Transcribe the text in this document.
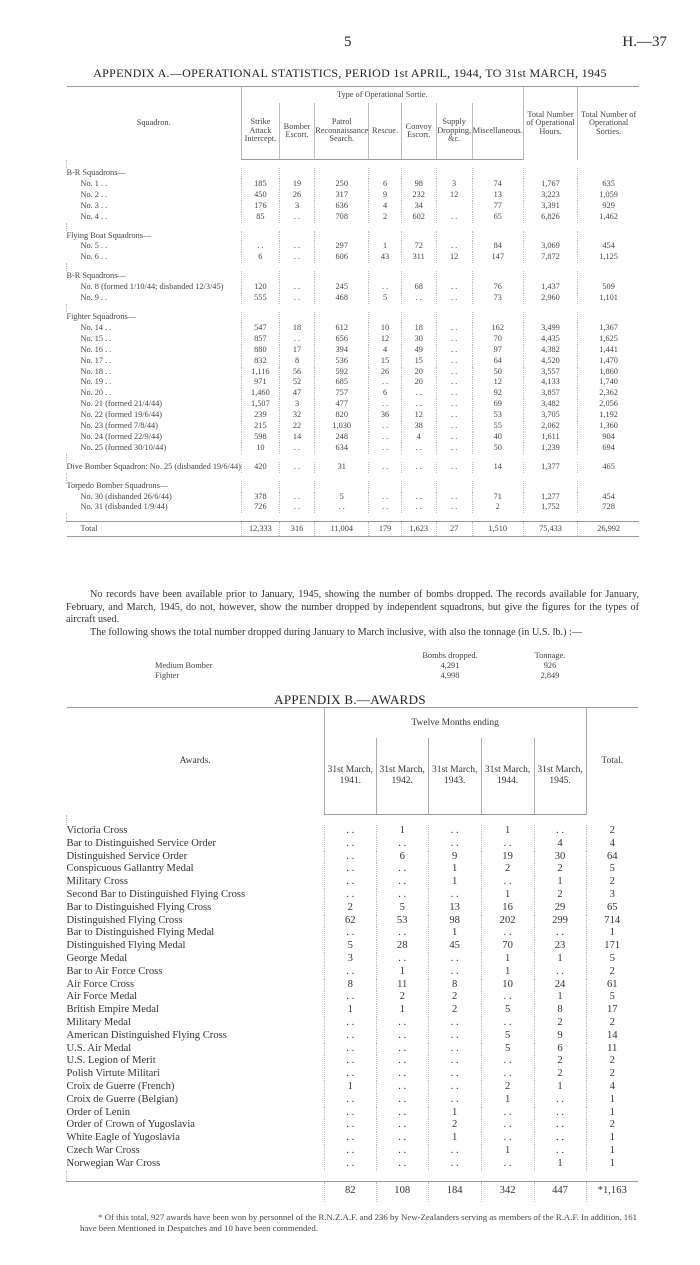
5	H.—37
APPENDIX A.—OPERATIONAL STATISTICS, PERIOD 1st APRIL, 1944, TO 31st MARCH, 1945
Squadron.	Type of Operational Sortie.							Total Number of Operational Hours.	Total Number of Operational Sorties.
	Strike Attack Intercept.	Bomber Escort.	Patrol Reconnaissance Search.	Rescue.	Convoy Escort.	Supply Dropping, &c.	Miscellaneous.		

B-R Squadrons—									
No. 1 . .	185	19	250	6	98	3	74	1,767	635
No. 2 . .	450	26	317	9	232	12	13	3,223	1,059
No. 3 . .	176	3	636	4	34		77	3,391	929
No. 4 . .	85	. .	708	2	602	. .	65	6,826	1,462

Flying Boat Squadrons—									
No. 5 . .	. .	. .	297	1	72	. .	84	3,069	454
No. 6 . .	6	. .	606	43	311	12	147	7,872	1,125

B-R Squadrons—									
No. 8 (formed 1/10/44; disbanded 12/3/45)	120	. .	245	. .	68	. .	76	1,437	509
No. 9 . .	555	. .	468	5	. .	. .	73	2,960	1,101

Fighter Squadrons—									
No. 14 . .	547	18	612	10	18	. .	162	3,499	1,367
No. 15 . .	857	. .	656	12	30	. .	70	4,435	1,625
No. 16 . .	880	17	394	4	49	. .	97	4,382	1,441
No. 17 . .	832	8	536	15	15	. .	64	4,520	1,470
No. 18 . .	1,116	56	592	26	20	. .	50	3,557	1,860
No. 19 . .	971	52	685	. .	20	. .	12	4,133	1,740
No. 20 . .	1,460	47	757	6	. .	. .	92	3,857	2,362
No. 21 (formed 21/4/44)	1,507	3	477	. .	. .	. .	69	3,482	2,056
No. 22 (formed 19/6/44)	239	32	820	36	12	. .	53	3,705	1,192
No. 23 (formed 7/8/44)	215	22	1,030	. .	38	. .	55	2,062	1,360
No. 24 (formed 22/9/44)	598	14	248	. .	4	. .	40	1,611	904
No. 25 (formed 30/10/44)	10	. .	634	. .	. .	. .	50	1,239	694

Dive Bomber Squadron: No. 25 (disbanded 19/6/44)	420	. .	31	. .	. .	. .	14	1,377	465

Torpedo Bomber Squadrons—									
No. 30 (disbanded 26/6/44)	378	. .	5	. .	. .	. .	71	1,277	454
No. 31 (disbanded 1/9/44)	726	. .	. .	. .	. .	. .	2	1,752	728

Total	12,333	316	11,004	179	1,623	27	1,510	75,433	26,992
No records have been available prior to January, 1945, showing the number of bombs dropped. The records available for January, February, and March, 1945, do not, however, show the number dropped by independent squadrons, but give the figures for the types of aircraft used.
The following shows the total number dropped during January to March inclusive, with also the tonnage (in U.S. lb.) :—
	Bombs dropped.	Tonnage.
Medium Bomber	4,291	926
Fighter	4,998	2,849
APPENDIX B.—AWARDS
Awards.	Twelve Months ending					Total.
	31st March, 1941.	31st March, 1942.	31st March, 1943.	31st March, 1944.	31st March, 1945.	

Victoria Cross	. .	1	. .	1	. .	2
Bar to Distinguished Service Order	. .	. .	. .	. .	4	4
Distinguished Service Order	. .	6	9	19	30	64
Conspicuous Gallantry Medal	. .	. .	1	2	2	5
Military Cross	. .	. .	1	. .	1	2
Second Bar to Distinguished Flying Cross	. .	. .	. .	1	2	3
Bar to Distinguished Flying Cross	2	5	13	16	29	65
Distinguished Flying Cross	62	53	98	202	299	714
Bar to Distinguished Flying Medal	. .	. .	1	. .	. .	1
Distinguished Flying Medal	5	28	45	70	23	171
George Medal	3	. .	. .	1	1	5
Bar to Air Force Cross	. .	1	. .	1	. .	2
Air Force Cross	8	11	8	10	24	61
Air Force Medal	. .	2	2	. .	1	5
British Empire Medal	1	1	2	5	8	17
Military Medal	. .	. .	. .	. .	2	2
American Distinguished Flying Cross	. .	. .	. .	5	9	14
U.S. Air Medal	. .	. .	. .	5	6	11
U.S. Legion of Merit	. .	. .	. .	. .	2	2
Polish Virtute Militari	. .	. .	. .	. .	2	2
Croix de Guerre (French)	1	. .	. .	2	1	4
Croix de Guerre (Belgian)	. .	. .	. .	1	. .	1
Order of Lenin	. .	. .	1	. .	. .	1
Order of Crown of Yugoslavia	. .	. .	2	. .	. .	2
White Eagle of Yugoslavia	. .	. .	1	. .	. .	1
Czech War Cross	. .	. .	. .	1	. .	1
Norwegian War Cross	. .	. .	. .	. .	1	1

	82	108	184	342	447	*1,163
* Of this total, 927 awards have been won by personnel of the R.N.Z.A.F. and 236 by New-Zealanders serving as members of the R.A.F. In addition, 161 have been Mentioned in Despatches and 10 have been commended.
